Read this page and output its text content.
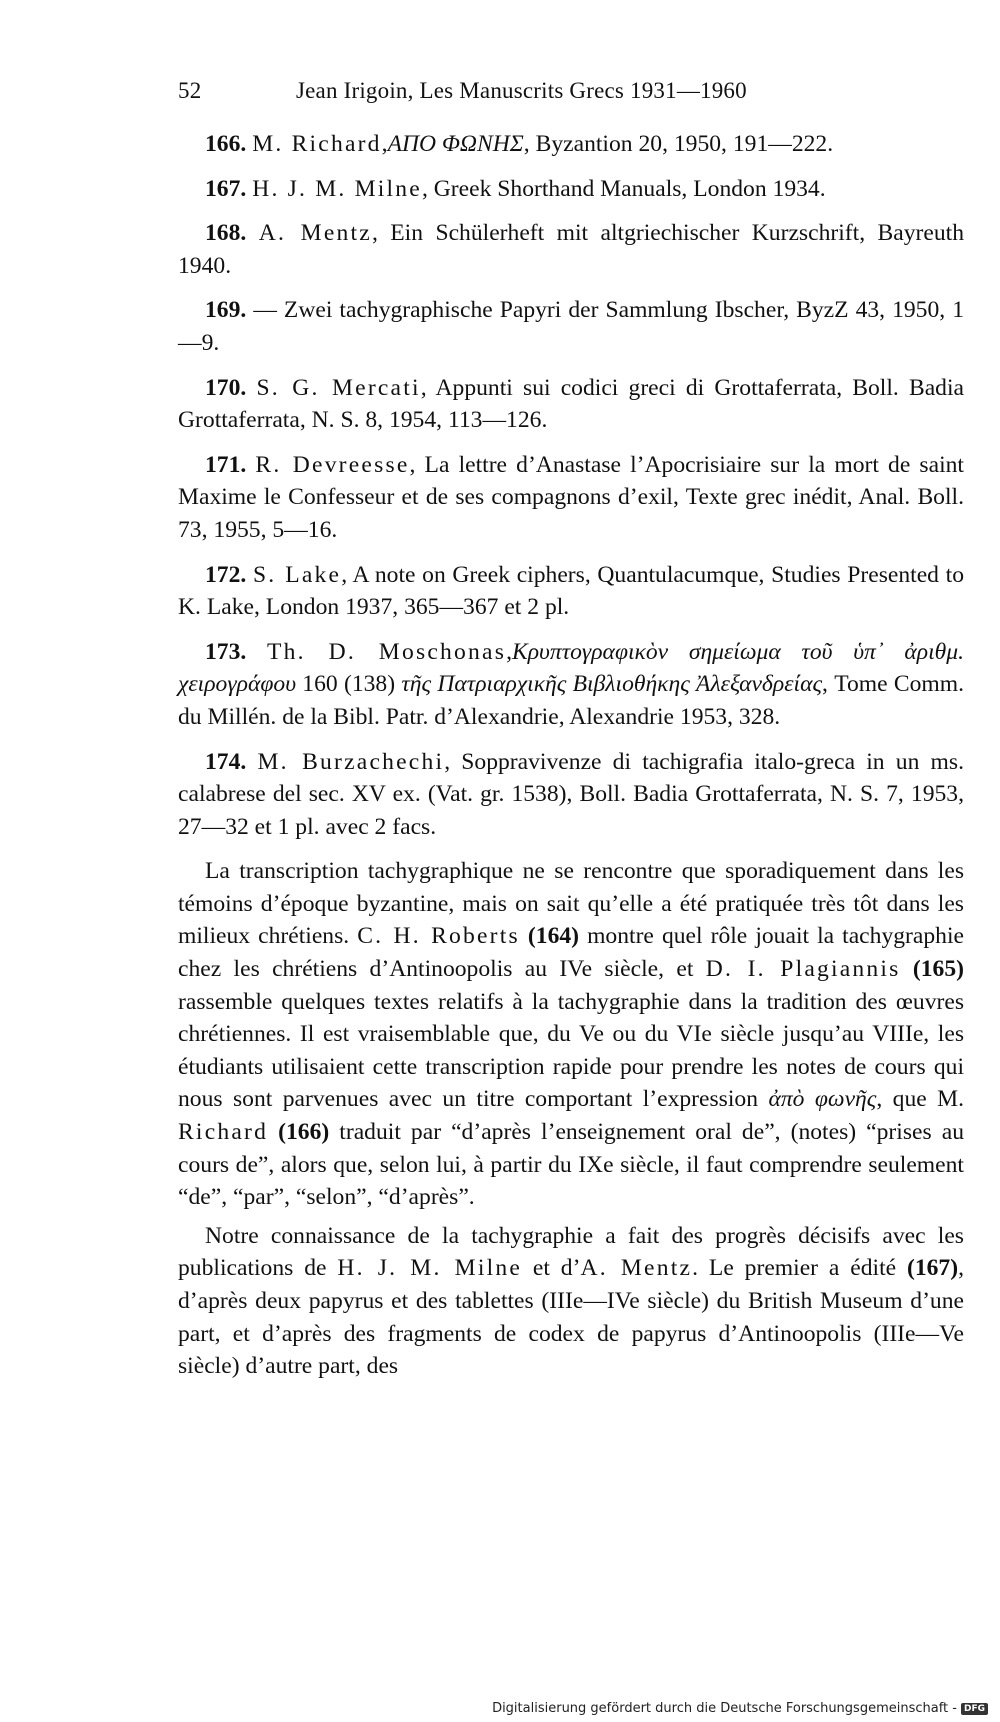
52	Jean Irigoin, Les Manuscrits Grecs 1931—1960

166. M. Richard,ΑΠΟ ΦΩΝΗΣ, Byzantion 20, 1950, 191—222.

167. H. J. M. Milne, Greek Shorthand Manuals, London 1934.

168. A. Mentz, Ein Schülerheft mit altgriechischer Kurzschrift, Bayreuth 1940.

169. — Zwei tachygraphische Papyri der Sammlung Ibscher, ByzZ 43, 1950, 1—9.

170. S. G. Mercati, Appunti sui codici greci di Grottaferrata, Boll. Badia Grottaferrata, N. S. 8, 1954, 113—126.

171. R. Devreesse, La lettre d’Anastase l’Apocrisiaire sur la mort de saint Maxime le Confesseur et de ses compagnons d’exil, Texte grec inédit, Anal. Boll. 73, 1955, 5—16.

172. S. Lake, A note on Greek ciphers, Quantulacumque, Studies Presented to K. Lake, London 1937, 365—367 et 2 pl.

173. Th. D. Moschonas,Κρυπτογραφικὸν σημείωμα τοῦ ὑπ᾽ ἀριθμ. χειρογράφου 160 (138) τῆς Πατριαρχικῆς Βιβλιοθήκης Ἀλεξανδρείας, Tome Comm. du Millén. de la Bibl. Patr. d’Alexandrie, Alexandrie 1953, 328.

174. M. Burzachechi, Soppravivenze di tachigrafia italo-greca in un ms. calabrese del sec. XV ex. (Vat. gr. 1538), Boll. Badia Grottaferrata, N. S. 7, 1953, 27—32 et 1 pl. avec 2 facs.

La transcription tachygraphique ne se rencontre que sporadiquement dans les témoins d’époque byzantine, mais on sait qu’elle a été pratiquée très tôt dans les milieux chrétiens. C. H. Roberts (164) montre quel rôle jouait la tachygraphie chez les chrétiens d’Antinoopolis au IVe siècle, et D. I. Plagiannis (165) rassemble quelques textes relatifs à la tachygraphie dans la tradition des œuvres chrétiennes. Il est vraisemblable que, du Ve ou du VIe siècle jusqu’au VIIIe, les étudiants utilisaient cette transcription rapide pour prendre les notes de cours qui nous sont parvenues avec un titre comportant l’expression ἀπὸ φωνῆς, que M. Richard (166) traduit par “d’après l’enseignement oral de”, (notes) “prises au cours de”, alors que, selon lui, à partir du IXe siècle, il faut comprendre seulement “de”, “par”, “selon”, “d’après”.

Notre connaissance de la tachygraphie a fait des progrès décisifs avec les publications de H. J. M. Milne et d’A. Mentz. Le premier a édité (167), d’après deux papyrus et des tablettes (IIIe—IVe siècle) du British Museum d’une part, et d’après des fragments de codex de papyrus d’Antinoopolis (IIIe—Ve siècle) d’autre part, des

Digitalisierung gefördert durch die Deutsche Forschungsgemeinschaft - DFG
